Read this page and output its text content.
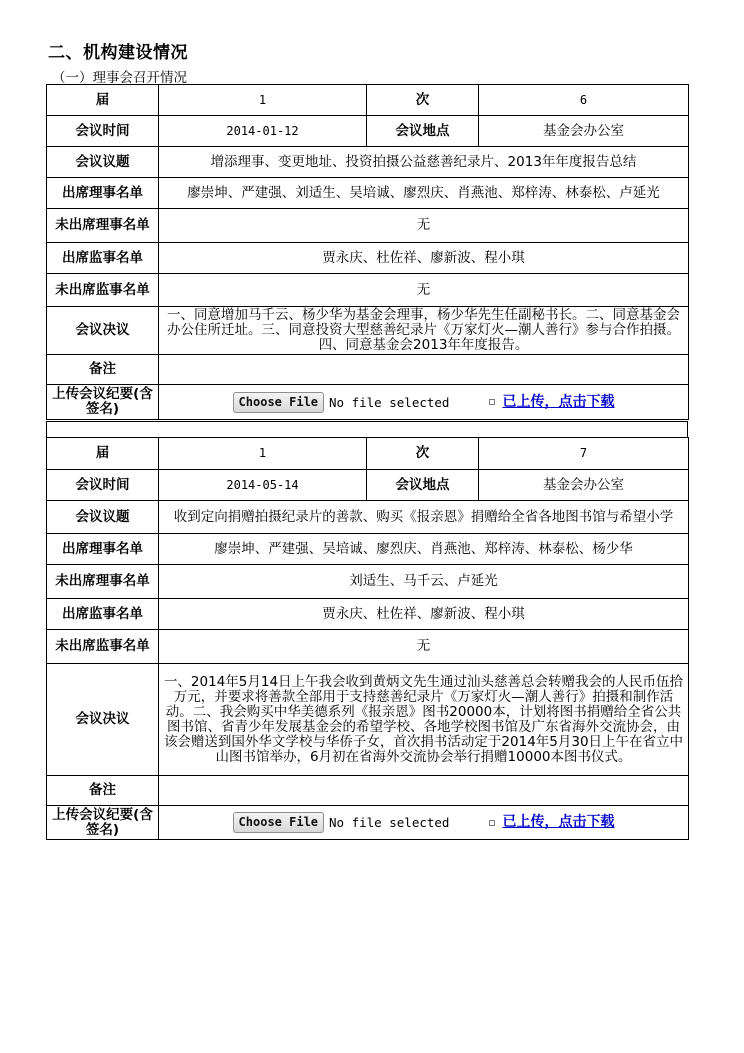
二、机构建设情况
（一）理事会召开情况
届	1	次	6
会议时间	2014-01-12	会议地点	基金会办公室
会议议题	增添理事、变更地址、投资拍摄公益慈善纪录片、2013年年度报告总结		
出席理事名单	廖崇坤、严建强、刘适生、吴培诚、廖烈庆、肖燕池、郑梓涛、林泰松、卢延光		
未出席理事名单	无		
出席监事名单	贾永庆、杜佐祥、廖新波、程小琪		
未出席监事名单	无		
会议决议	一、同意增加马千云、杨少华为基金会理事，杨少华先生任副秘书长。二、同意基金会办公住所迁址。三、同意投资大型慈善纪录片《万家灯火—潮人善行》参与合作拍摄。四、同意基金会2013年年度报告。		
备注			
上传会议纪要(含签名)	Choose File No file selected 已上传，点击下载		
届	1	次	7
会议时间	2014-05-14	会议地点	基金会办公室
会议议题	收到定向捐赠拍摄纪录片的善款、购买《报亲恩》捐赠给全省各地图书馆与希望小学		
出席理事名单	廖崇坤、严建强、吴培诚、廖烈庆、肖燕池、郑梓涛、林泰松、杨少华		
未出席理事名单	刘适生、马千云、卢延光		
出席监事名单	贾永庆、杜佐祥、廖新波、程小琪		
未出席监事名单	无		
会议决议	一、2014年5月14日上午我会收到黄炳文先生通过汕头慈善总会转赠我会的人民币伍拾万元，并要求将善款全部用于支持慈善纪录片《万家灯火—潮人善行》拍摄和制作活动。二、我会购买中华美德系列《报亲恩》图书20000本，计划将图书捐赠给全省公共图书馆、省青少年发展基金会的希望学校、各地学校图书馆及广东省海外交流协会，由该会赠送到国外华文学校与华侨子女，首次捐书活动定于2014年5月30日上午在省立中山图书馆举办，6月初在省海外交流协会举行捐赠10000本图书仪式。		
备注			
上传会议纪要(含签名)	Choose File No file selected 已上传，点击下载		
